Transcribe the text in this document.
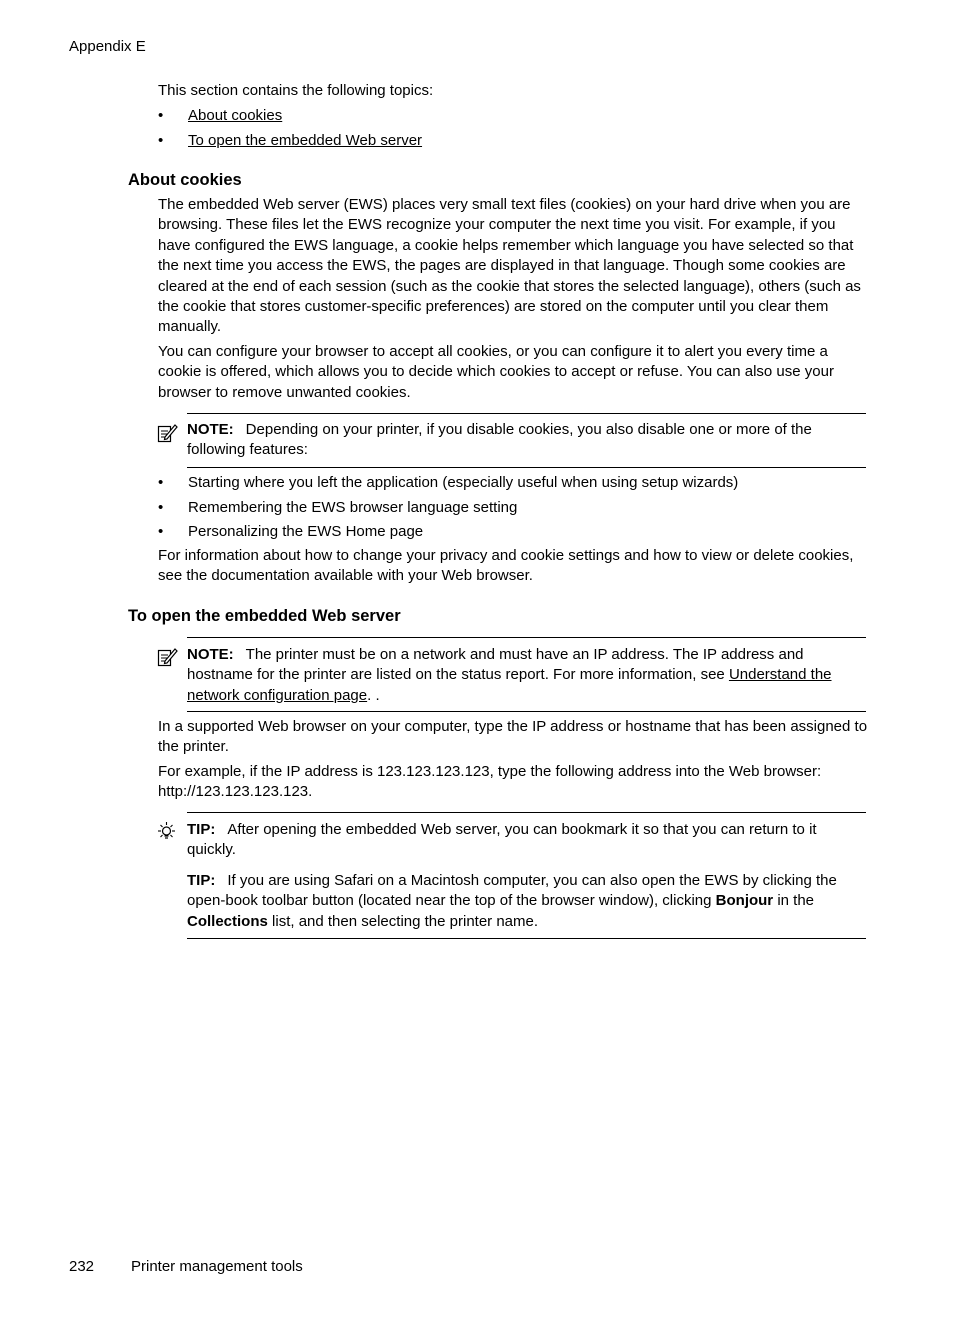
Appendix E

This section contains the following topics:

• About cookies
• To open the embedded Web server
About cookies

The embedded Web server (EWS) places very small text files (cookies) on your hard drive when you are browsing. These files let the EWS recognize your computer the next time you visit. For example, if you have configured the EWS language, a cookie helps remember which language you have selected so that the next time you access the EWS, the pages are displayed in that language. Though some cookies are cleared at the end of each session (such as the cookie that stores the selected language), others (such as the cookie that stores customer-specific preferences) are stored on the computer until you clear them manually.

You can configure your browser to accept all cookies, or you can configure it to alert you every time a cookie is offered, which allows you to decide which cookies to accept or refuse. You can also use your browser to remove unwanted cookies.

NOTE: Depending on your printer, if you disable cookies, you also disable one or more of the following features:

• Starting where you left the application (especially useful when using setup wizards)
• Remembering the EWS browser language setting
• Personalizing the EWS Home page

For information about how to change your privacy and cookie settings and how to view or delete cookies, see the documentation available with your Web browser.

To open the embedded Web server

NOTE: The printer must be on a network and must have an IP address. The IP address and hostname for the printer are listed on the status report. For more information, see Understand the network configuration page. .

In a supported Web browser on your computer, type the IP address or hostname that has been assigned to the printer.

For example, if the IP address is 123.123.123.123, type the following address into the Web browser: http://123.123.123.123.

TIP: After opening the embedded Web server, you can bookmark it so that you can return to it quickly.

TIP: If you are using Safari on a Macintosh computer, you can also open the EWS by clicking the open-book toolbar button (located near the top of the browser window), clicking Bonjour in the Collections list, and then selecting the printer name.

232 Printer management tools
